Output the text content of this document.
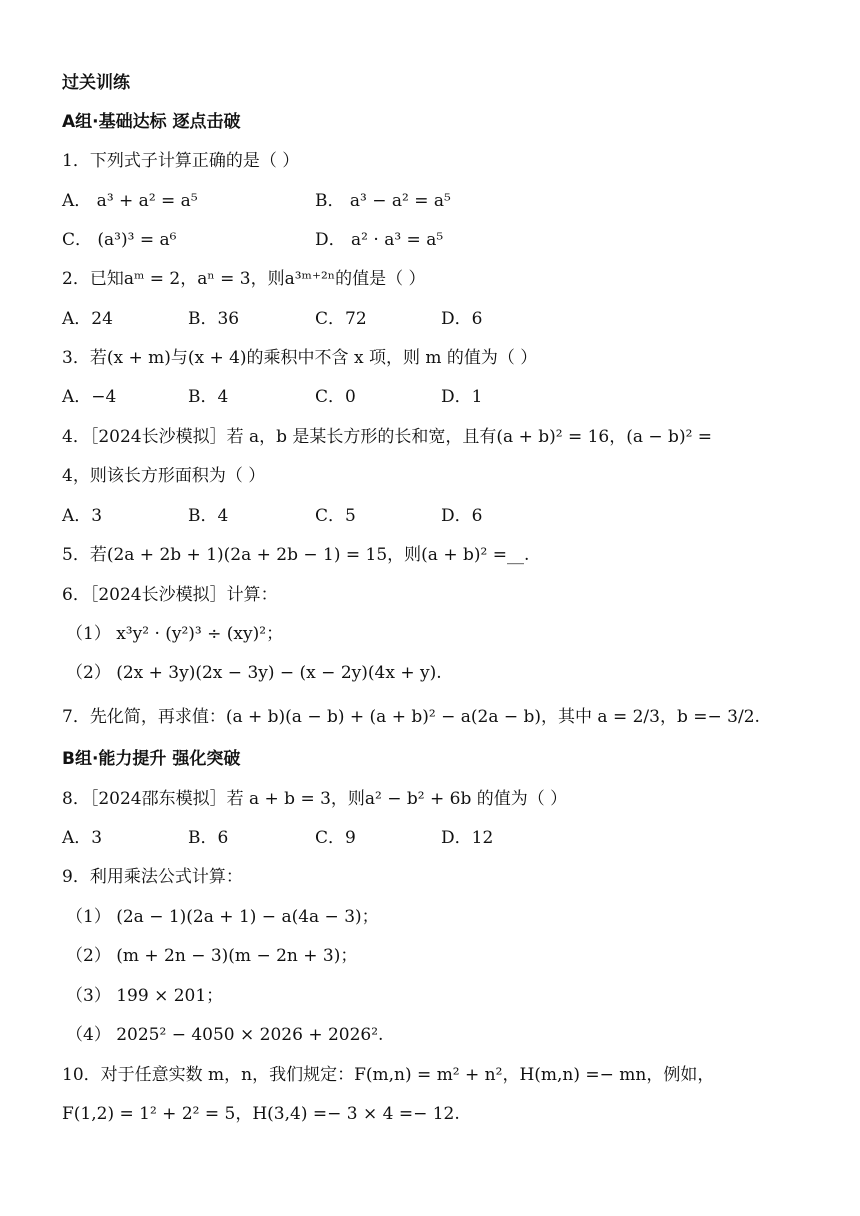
过关训练
A组·基础达标 逐点击破
1．下列式子计算正确的是（ ）
A． a³ + a² = a⁵	B． a³ − a² = a⁵
C． (a³)³ = a⁶	D． a² · a³ = a⁵
2．已知aᵐ = 2，aⁿ = 3，则a³ᵐ⁺²ⁿ的值是（ ）
A．24	B．36	C．72	D．6
3．若(x + m)与(x + 4)的乘积中不含 x 项，则 m 的值为（ ）
A．−4	B．4	C．0	D．1
4．［2024长沙模拟］若 a，b 是某长方形的长和宽，且有(a + b)² = 16，(a − b)² =
4，则该长方形面积为（ ）
A．3	B．4	C．5	D．6
5．若(2a + 2b + 1)(2a + 2b − 1) = 15，则(a + b)² =__.
6．［2024长沙模拟］计算：
（1） x³y² · (y²)³ ÷ (xy)²；
（2） (2x + 3y)(2x − 3y) − (x − 2y)(4x + y).
7．先化简，再求值：(a + b)(a − b) + (a + b)² − a(2a − b)，其中 a = 2/3，b =− 3/2.
B组·能力提升 强化突破
8．［2024邵东模拟］若 a + b = 3，则a² − b² + 6b 的值为（ ）
A．3	B．6	C．9	D．12
9．利用乘法公式计算：
（1） (2a − 1)(2a + 1) − a(4a − 3)；
（2） (m + 2n − 3)(m − 2n + 3)；
（3） 199 × 201；
（4） 2025² − 4050 × 2026 + 2026².
10．对于任意实数 m，n，我们规定：F(m,n) = m² + n²，H(m,n) =− mn，例如，
F(1,2) = 1² + 2² = 5，H(3,4) =− 3 × 4 =− 12.
